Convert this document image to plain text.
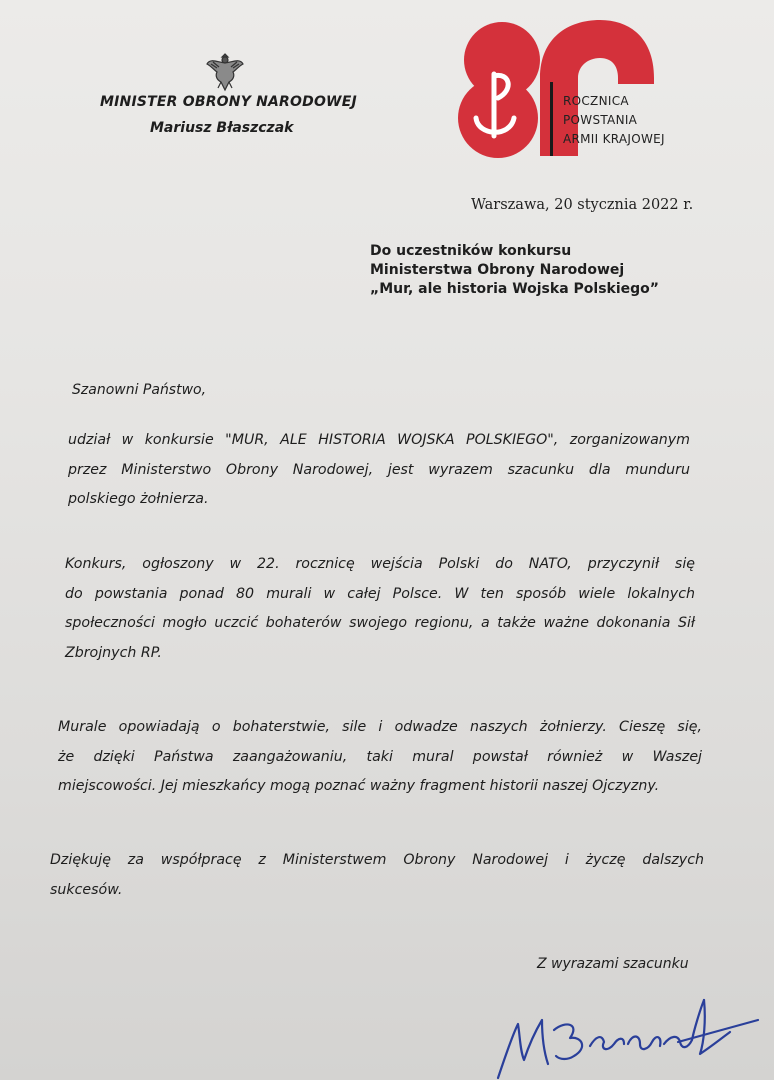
MINISTER OBRONY NARODOWEJ
Mariusz Błaszczak
ROCZNICA
POWSTANIA
ARMII KRAJOWEJ
Warszawa, 20 stycznia 2022 r.
Do uczestników konkursu
Ministerstwa Obrony Narodowej
„Mur, ale historia Wojska Polskiego”
Szanowni Państwo,
udział w konkursie "MUR, ALE HISTORIA WOJSKA POLSKIEGO", zorganizowanym
przez Ministerstwo Obrony Narodowej, jest wyrazem szacunku dla munduru
polskiego żołnierza.
Konkurs, ogłoszony w 22. rocznicę wejścia Polski do NATO, przyczynił się
do powstania ponad 80 murali w całej Polsce. W ten sposób wiele lokalnych
społeczności mogło uczcić bohaterów swojego regionu, a także ważne dokonania Sił
Zbrojnych RP.
Murale opowiadają o bohaterstwie, sile i odwadze naszych żołnierzy. Cieszę się,
że dzięki Państwa zaangażowaniu, taki mural powstał również w Waszej
miejscowości. Jej mieszkańcy mogą poznać ważny fragment historii naszej Ojczyzny.
Dziękuję za współpracę z Ministerstwem Obrony Narodowej i życzę dalszych
sukcesów.
Z wyrazami szacunku
